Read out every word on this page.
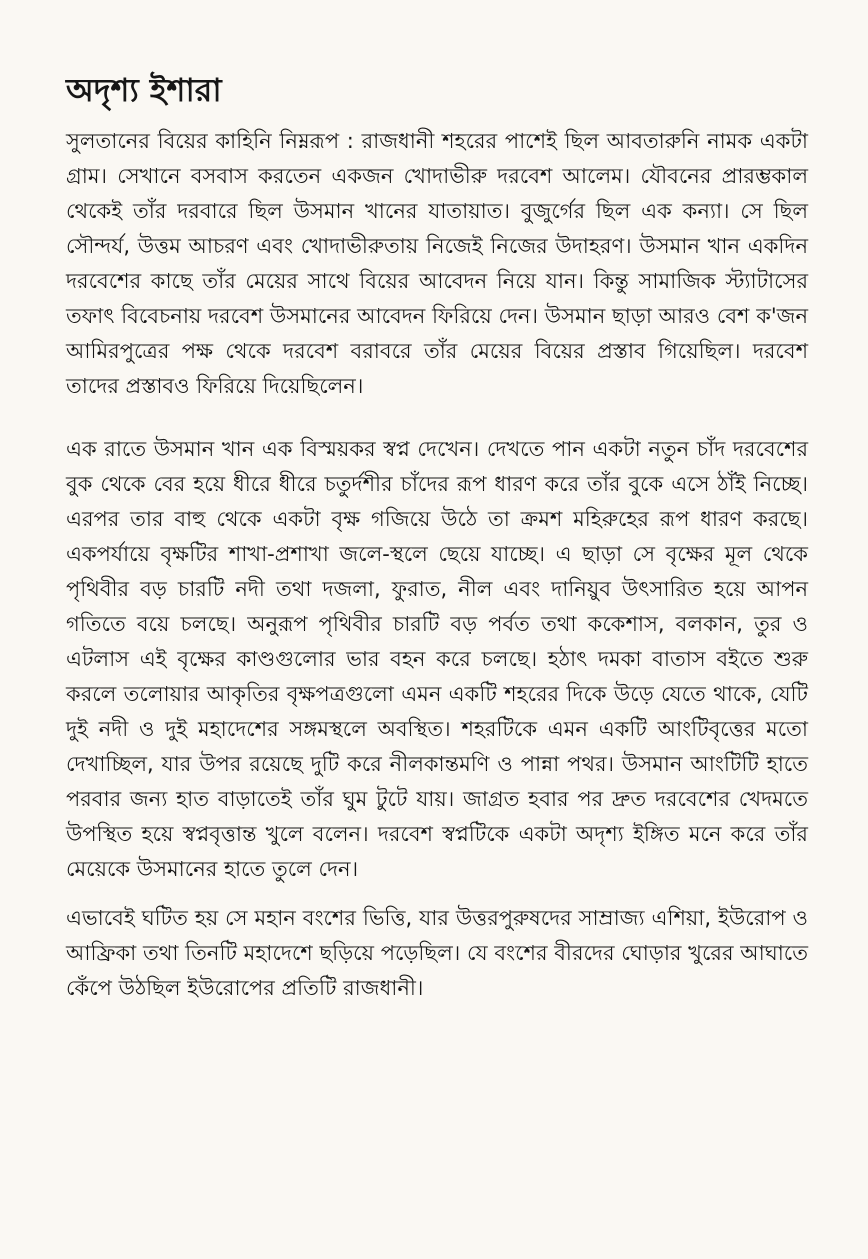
অদৃশ্য ইশারা

সুলতানের বিয়ের কাহিনি নিম্নরূপ : রাজধানী শহরের পাশেই ছিল আবতারুনি নামক একটা গ্রাম। সেখানে বসবাস করতেন একজন খোদাভীরু দরবেশ আলেম। যৌবনের প্রারম্ভকাল থেকেই তাঁর দরবারে ছিল উসমান খানের যাতায়াত। বুজুর্গের ছিল এক কন্যা। সে ছিল সৌন্দর্য, উত্তম আচরণ এবং খোদাভীরুতায় নিজেই নিজের উদাহরণ। উসমান খান একদিন দরবেশের কাছে তাঁর মেয়ের সাথে বিয়ের আবেদন নিয়ে যান। কিন্তু সামাজিক স্ট্যাটাসের তফাৎ বিবেচনায় দরবেশ উসমানের আবেদন ফিরিয়ে দেন। উসমান ছাড়া আরও বেশ ক'জন আমিরপুত্রের পক্ষ থেকে দরবেশ বরাবরে তাঁর মেয়ের বিয়ের প্রস্তাব গিয়েছিল। দরবেশ তাদের প্রস্তাবও ফিরিয়ে দিয়েছিলেন।

এক রাতে উসমান খান এক বিস্ময়কর স্বপ্ন দেখেন। দেখতে পান একটা নতুন চাঁদ দরবেশের বুক থেকে বের হয়ে ধীরে ধীরে চতুর্দশীর চাঁদের রূপ ধারণ করে তাঁর বুকে এসে ঠাঁই নিচ্ছে। এরপর তার বাহু থেকে একটা বৃক্ষ গজিয়ে উঠে তা ক্রমশ মহিরুহের রূপ ধারণ করছে। একপর্যায়ে বৃক্ষটির শাখা-প্রশাখা জলে-স্থলে ছেয়ে যাচ্ছে। এ ছাড়া সে বৃক্ষের মূল থেকে পৃথিবীর বড় চারটি নদী তথা দজলা, ফুরাত, নীল এবং দানিয়ুব উৎসারিত হয়ে আপন গতিতে বয়ে চলছে। অনুরূপ পৃথিবীর চারটি বড় পর্বত তথা ককেশাস, বলকান, তুর ও এটলাস এই বৃক্ষের কাণ্ডগুলোর ভার বহন করে চলছে। হঠাৎ দমকা বাতাস বইতে শুরু করলে তলোয়ার আকৃতির বৃক্ষপত্রগুলো এমন একটি শহরের দিকে উড়ে যেতে থাকে, যেটি দুই নদী ও দুই মহাদেশের সঙ্গমস্থলে অবস্থিত। শহরটিকে এমন একটি আংটিবৃত্তের মতো দেখাচ্ছিল, যার উপর রয়েছে দুটি করে নীলকান্তমণি ও পান্না পথর। উসমান আংটিটি হাতে পরবার জন্য হাত বাড়াতেই তাঁর ঘুম টুটে যায়। জাগ্রত হবার পর দ্রুত দরবেশের খেদমতে উপস্থিত হয়ে স্বপ্নবৃত্তান্ত খুলে বলেন। দরবেশ স্বপ্নটিকে একটা অদৃশ্য ইঙ্গিত মনে করে তাঁর মেয়েকে উসমানের হাতে তুলে দেন।

এভাবেই ঘটিত হয় সে মহান বংশের ভিত্তি, যার উত্তরপুরুষদের সাম্রাজ্য এশিয়া, ইউরোপ ও আফ্রিকা তথা তিনটি মহাদেশে ছড়িয়ে পড়েছিল। যে বংশের বীরদের ঘোড়ার খুরের আঘাতে কেঁপে উঠছিল ইউরোপের প্রতিটি রাজধানী।
